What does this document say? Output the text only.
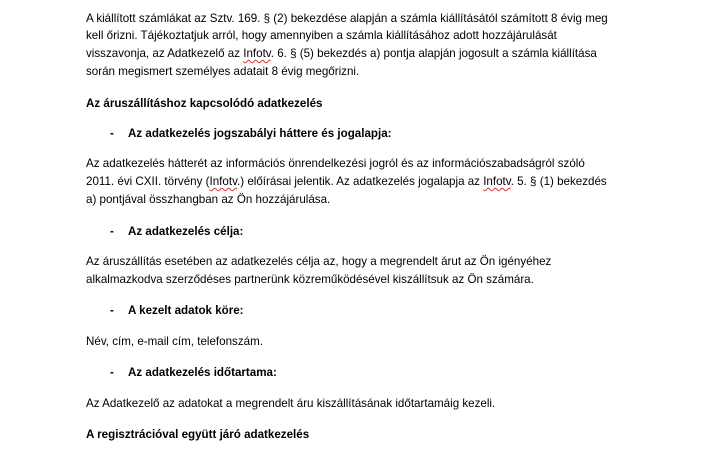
A kiállított számlákat az Sztv. 169. § (2) bekezdése alapján a számla kiállításától számított 8 évig meg
kell őrizni. Tájékoztatjuk arról, hogy amennyiben a számla kiállításához adott hozzájárulását
visszavonja, az Adatkezelő az Infotv. 6. § (5) bekezdés a) pontja alapján jogosult a számla kiállítása
során megismert személyes adatait 8 évig megőrizni.
Az áruszállításhoz kapcsolódó adatkezelés
- Az adatkezelés jogszabályi háttere és jogalapja:
Az adatkezelés hátterét az információs önrendelkezési jogról és az információszabadságról szóló
2011. évi CXII. törvény (Infotv.) előírásai jelentik. Az adatkezelés jogalapja az Infotv. 5. § (1) bekezdés
a) pontjával összhangban az Ön hozzájárulása.
- Az adatkezelés célja:
Az áruszállítás esetében az adatkezelés célja az, hogy a megrendelt árut az Ön igényéhez
alkalmazkodva szerződéses partnerünk közreműködésével kiszállítsuk az Ön számára.
- A kezelt adatok köre:
Név, cím, e-mail cím, telefonszám.
- Az adatkezelés időtartama:
Az Adatkezelő az adatokat a megrendelt áru kiszállításának időtartamáig kezeli.
A regisztrációval együtt járó adatkezelés
